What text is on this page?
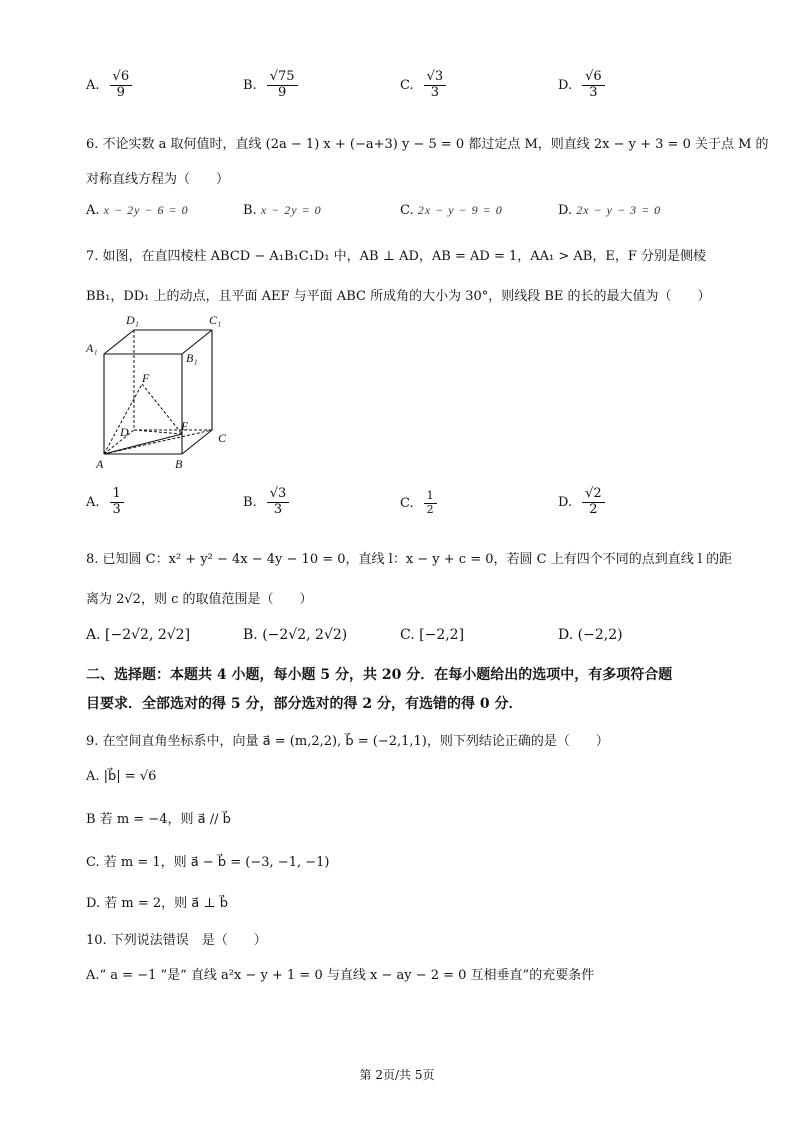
A. $\frac{√6}{9}$	B. $\frac{√75}{9}$	C. $\frac{√3}{3}$	D. $\frac{√6}{3}$
6. 不论实数 a 取何值时，直线 (2a − 1) x + (−a+3) y − 5 = 0 都过定点 M，则直线 2x − y + 3 = 0 关于点 M 的
对称直线方程为（　　）
A. x − 2y − 6 = 0	B. x − 2y = 0	C. 2x − y − 9 = 0	D. 2x − y − 3 = 0
7. 如图，在直四棱柱 ABCD − A₁B₁C₁D₁ 中，AB ⊥ AD，AB = AD = 1，AA₁ > AB，E，F 分别是侧棱
BB₁，DD₁ 上的动点，且平面 AEF 与平面 ABC 所成角的大小为 30°，则线段 BE 的长的最大值为（　　）
D₁	C₁
A₁
B₁
F
D	E
C
A	B
A. $\frac{1}{3}$	B. $\frac{√3}{3}$	C. $\frac{1}{2}$	D. $\frac{√2}{2}$
8. 已知圆 C：x² + y² − 4x − 4y − 10 = 0，直线 l：x − y + c = 0，若圆 C 上有四个不同的点到直线 l 的距
离为 2√2，则 c 的取值范围是（　　）
A. [−2√2, 2√2]	B. (−2√2, 2√2)	C. [−2,2]	D. (−2,2)
二、选择题：本题共 4 小题，每小题 5 分，共 20 分．在每小题给出的选项中，有多项符合题
目要求．全部选对的得 5 分，部分选对的得 2 分，有选错的得 0 分．
9. 在空间直角坐标系中，向量 a⃗ = (m,2,2), b⃗ = (−2,1,1)，则下列结论正确的是（　　）
A. |b⃗| = √6
B 若 m = −4，则 a⃗ // b⃗
C. 若 m = 1，则 a⃗ − b⃗ = (−3, −1, −1)
D. 若 m = 2，则 a⃗ ⊥ b⃗
10. 下列说法错误　是（　　）
A.“ a = −1 ”是“ 直线 a²x − y + 1 = 0 与直线 x − ay − 2 = 0 互相垂直”的充要条件
第 2页/共 5页
